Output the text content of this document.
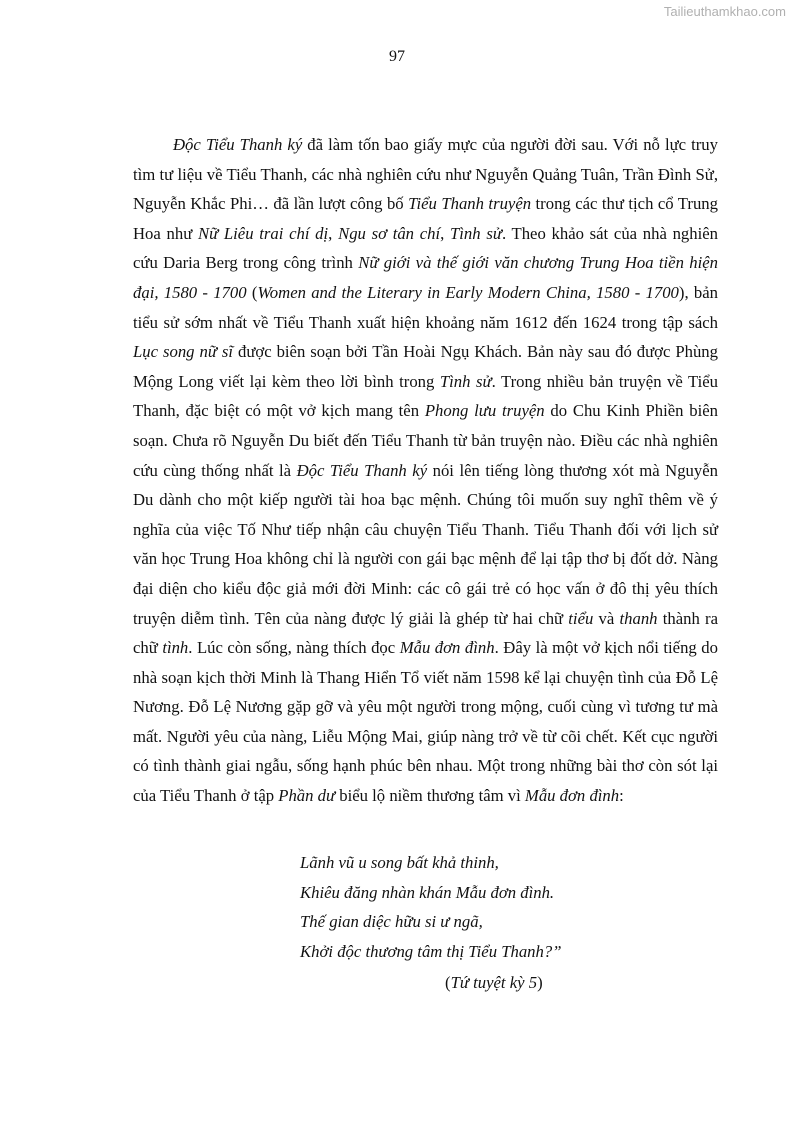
Tailieuthamkhao.com
97

Độc Tiểu Thanh ký đã làm tốn bao giấy mực của người đời sau. Với nỗ lực truy tìm tư liệu về Tiểu Thanh, các nhà nghiên cứu như Nguyễn Quảng Tuân, Trần Đình Sử, Nguyễn Khắc Phi… đã lần lượt công bố Tiểu Thanh truyện trong các thư tịch cổ Trung Hoa như Nữ Liêu trai chí dị, Ngu sơ tân chí, Tình sử. Theo khảo sát của nhà nghiên cứu Daria Berg trong công trình Nữ giới và thế giới văn chương Trung Hoa tiền hiện đại, 1580 - 1700 (Women and the Literary in Early Modern China, 1580 - 1700), bản tiểu sử sớm nhất về Tiểu Thanh xuất hiện khoảng năm 1612 đến 1624 trong tập sách Lục song nữ sĩ được biên soạn bởi Tần Hoài Ngụ Khách. Bản này sau đó được Phùng Mộng Long viết lại kèm theo lời bình trong Tình sử. Trong nhiều bản truyện về Tiểu Thanh, đặc biệt có một vở kịch mang tên Phong lưu truyện do Chu Kinh Phiền biên soạn. Chưa rõ Nguyễn Du biết đến Tiểu Thanh từ bản truyện nào. Điều các nhà nghiên cứu cùng thống nhất là Độc Tiểu Thanh ký nói lên tiếng lòng thương xót mà Nguyễn Du dành cho một kiếp người tài hoa bạc mệnh. Chúng tôi muốn suy nghĩ thêm về ý nghĩa của việc Tố Như tiếp nhận câu chuyện Tiểu Thanh. Tiểu Thanh đối với lịch sử văn học Trung Hoa không chỉ là người con gái bạc mệnh để lại tập thơ bị đốt dở. Nàng đại diện cho kiểu độc giả mới đời Minh: các cô gái trẻ có học vấn ở đô thị yêu thích truyện diễm tình. Tên của nàng được lý giải là ghép từ hai chữ tiểu và thanh thành ra chữ tình. Lúc còn sống, nàng thích đọc Mẫu đơn đình. Đây là một vở kịch nổi tiếng do nhà soạn kịch thời Minh là Thang Hiển Tổ viết năm 1598 kể lại chuyện tình của Đỗ Lệ Nương. Đỗ Lệ Nương gặp gỡ và yêu một người trong mộng, cuối cùng vì tương tư mà mất. Người yêu của nàng, Liễu Mộng Mai, giúp nàng trở về từ cõi chết. Kết cục người có tình thành giai ngẫu, sống hạnh phúc bên nhau. Một trong những bài thơ còn sót lại của Tiểu Thanh ở tập Phần dư biểu lộ niềm thương tâm vì Mẫu đơn đình:

Lãnh vũ u song bất khả thinh,
Khiêu đăng nhàn khán Mẫu đơn đình.
Thế gian diệc hữu si ư ngã,
Khởi độc thương tâm thị Tiểu Thanh?”
(Tứ tuyệt kỳ 5)
